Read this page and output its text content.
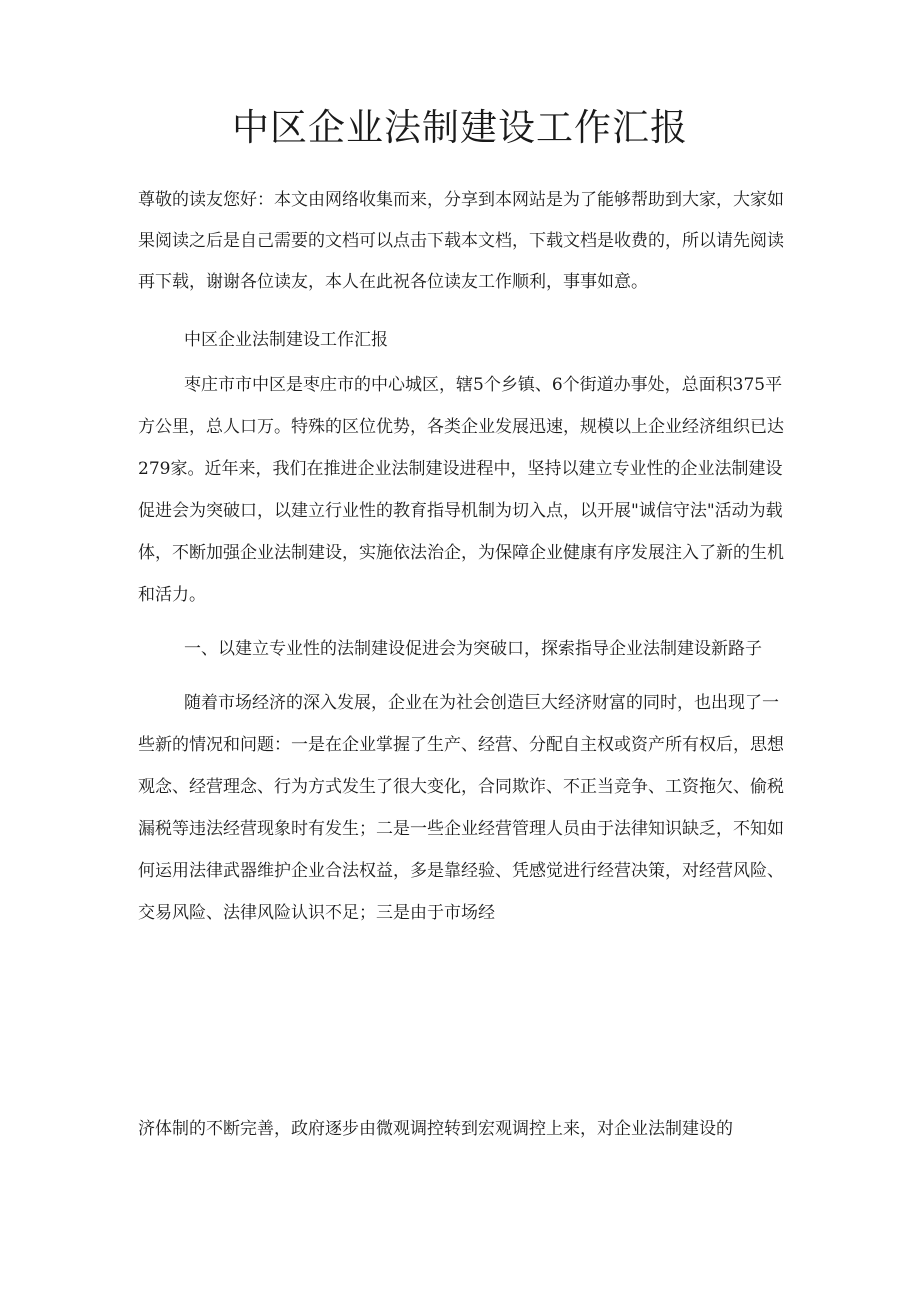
中区企业法制建设工作汇报

尊敬的读友您好：本文由网络收集而来，分享到本网站是为了能够帮助到大家，大家如果阅读之后是自己需要的文档可以点击下载本文档，下载文档是收费的，所以请先阅读再下载，谢谢各位读友，本人在此祝各位读友工作顺利，事事如意。

中区企业法制建设工作汇报

枣庄市市中区是枣庄市的中心城区，辖5个乡镇、6个街道办事处，总面积375平方公里，总人口万。特殊的区位优势，各类企业发展迅速，规模以上企业经济组织已达279家。近年来，我们在推进企业法制建设进程中，坚持以建立专业性的企业法制建设促进会为突破口，以建立行业性的教育指导机制为切入点，以开展"诚信守法"活动为载体，不断加强企业法制建设，实施依法治企，为保障企业健康有序发展注入了新的生机和活力。

一、以建立专业性的法制建设促进会为突破口，探索指导企业法制建设新路子

随着市场经济的深入发展，企业在为社会创造巨大经济财富的同时，也出现了一些新的情况和问题：一是在企业掌握了生产、经营、分配自主权或资产所有权后，思想观念、经营理念、行为方式发生了很大变化，合同欺诈、不正当竞争、工资拖欠、偷税漏税等违法经营现象时有发生；二是一些企业经营管理人员由于法律知识缺乏，不知如何运用法律武器维护企业合法权益，多是靠经验、凭感觉进行经营决策，对经营风险、交易风险、法律风险认识不足；三是由于市场经

济体制的不断完善，政府逐步由微观调控转到宏观调控上来，对企业法制建设的
